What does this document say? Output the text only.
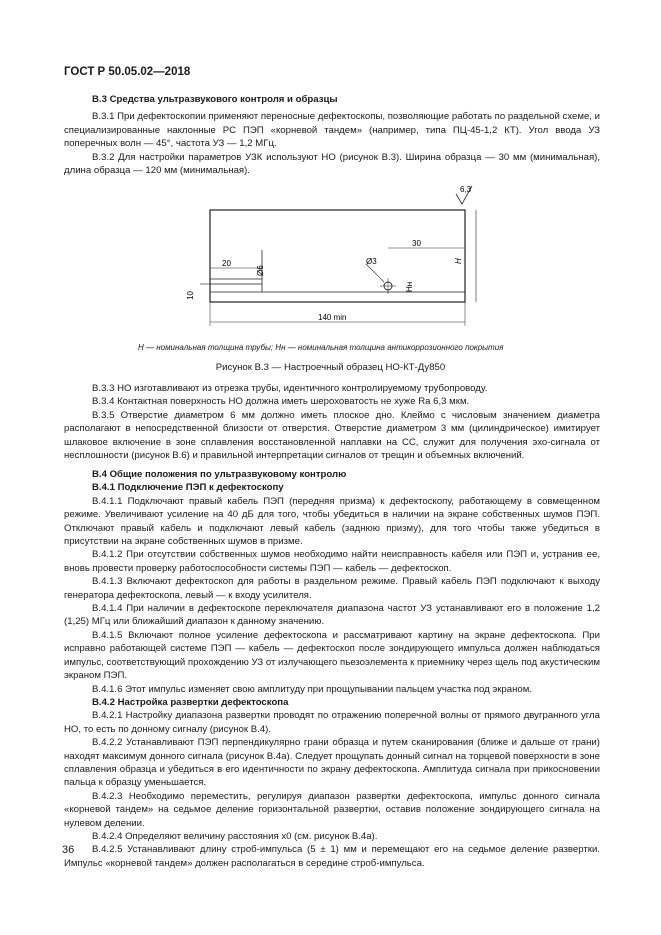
ГОСТ Р 50.05.02—2018

В.3 Средства ультразвукового контроля и образцы

В.3.1 При дефектоскопии применяют переносные дефектоскопы, позволяющие работать по раздельной схеме, и специализированные наклонные РС ПЭП «корневой тандем» (например, типа ПЦ-45-1,2 КТ). Угол ввода УЗ поперечных волн — 45°, частота УЗ — 1,2 МГц.

В.3.2 Для настройки параметров УЗК используют НО (рисунок В.3). Ширина образца — 30 мм (минимальная), длина образца — 120 мм (минимальная).

20
Ø6
10
Ø3
30
Hн
H
6,3
140 min
H — номинальная толщина трубы; Hн — номинальная толщина антикоррозионного покрытия
Рисунок В.3 — Настроечный образец НО-КТ-Ду850

В.3.3 НО изготавливают из отрезка трубы, идентичного контролируемому трубопроводу.

В.3.4 Контактная поверхность НО должна иметь шероховатость не хуже Ra 6,3 мкм.

В.3.5 Отверстие диаметром 6 мм должно иметь плоское дно. Клеймо с числовым значением диаметра располагают в непосредственной близости от отверстия. Отверстие диаметром 3 мм (цилиндрическое) имитирует шлаковое включение в зоне сплавления восстановленной наплавки на СС, служит для получения эхо-сигнала от несплошности (рисунок В.6) и правильной интерпретации сигналов от трещин и объемных включений.

В.4 Общие положения по ультразвуковому контролю

В.4.1 Подключение ПЭП к дефектоскопу

В.4.1.1 Подключают правый кабель ПЭП (передняя призма) к дефектоскопу, работающему в совмещенном режиме. Увеличивают усиление на 40 дБ для того, чтобы убедиться в наличии на экране собственных шумов ПЭП. Отключают правый кабель и подключают левый кабель (заднюю призму), для того чтобы также убедиться в присутствии на экране собственных шумов в призме.

В.4.1.2 При отсутствии собственных шумов необходимо найти неисправность кабеля или ПЭП и, устранив ее, вновь провести проверку работоспособности системы ПЭП — кабель — дефектоскоп.

В.4.1.3 Включают дефектоскоп для работы в раздельном режиме. Правый кабель ПЭП подключают к выходу генератора дефектоскопа, левый — к входу усилителя.

В.4.1.4 При наличии в дефектоскопе переключателя диапазона частот УЗ устанавливают его в положение 1,2 (1,25) МГц или ближайший диапазон к данному значению.

В.4.1.5 Включают полное усиление дефектоскопа и рассматривают картину на экране дефектоскопа. При исправно работающей системе ПЭП — кабель — дефектоскоп после зондирующего импульса должен наблюдаться импульс, соответствующий прохождению УЗ от излучающего пьезоэлемента к приемнику через щель под акустическим экраном ПЭП.

В.4.1.6 Этот импульс изменяет свою амплитуду при прощупывании пальцем участка под экраном.

В.4.2 Настройка развертки дефектоскопа

В.4.2.1 Настройку диапазона развертки проводят по отражению поперечной волны от прямого двугранного угла НО, то есть по донному сигналу (рисунок В.4).

В.4.2.2 Устанавливают ПЭП перпендикулярно грани образца и путем сканирования (ближе и дальше от грани) находят максимум донного сигнала (рисунок В.4а). Следует прощупать донный сигнал на торцевой поверхности в зоне сплавления образца и убедиться в его идентичности по экрану дефектоскопа. Амплитуда сигнала при прикосновении пальца к образцу уменьшается.

В.4.2.3 Необходимо переместить, регулируя диапазон развертки дефектоскопа, импульс донного сигнала «корневой тандем» на седьмое деление горизонтальной развертки, оставив положение зондирующего сигнала на нулевом делении.

В.4.2.4 Определяют величину расстояния x0 (см. рисунок В.4а).

В.4.2.5 Устанавливают длину строб-импульса (5 ± 1) мм и перемещают его на седьмое деление развертки. Импульс «корневой тандем» должен располагаться в середине строб-импульса.

36
